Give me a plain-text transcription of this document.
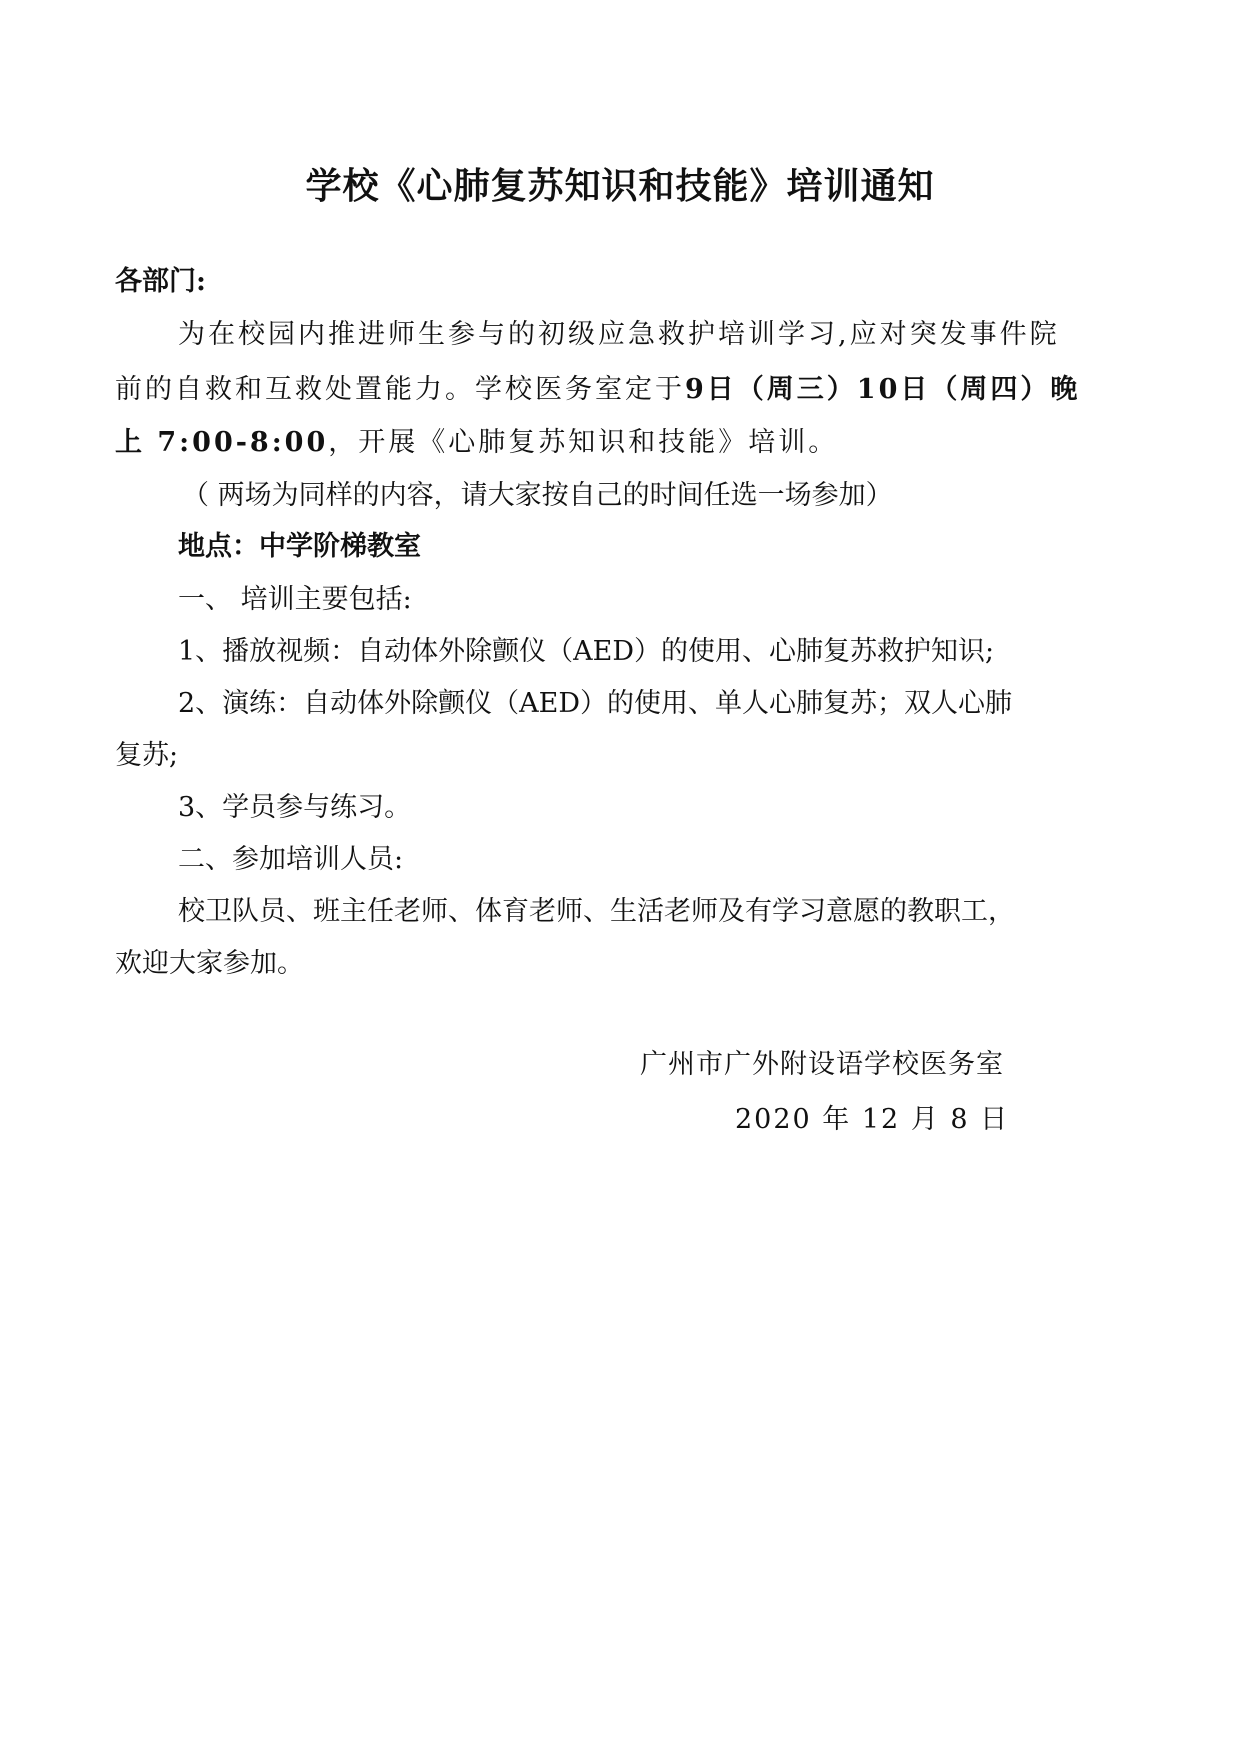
学校《心肺复苏知识和技能》培训通知

各部门:

为在校园内推进师生参与的初级应急救护培训学习,应对突发事件院

前的自救和互救处置能力。学校医务室定于9日（周三）10日（周四）晚

上 7:00-8:00，开展《心肺复苏知识和技能》培训。

（ 两场为同样的内容，请大家按自己的时间任选一场参加）

地点：中学阶梯教室

一、 培训主要包括:

1、播放视频：自动体外除颤仪（AED）的使用、心肺复苏救护知识;

2、演练：自动体外除颤仪（AED）的使用、单人心肺复苏；双人心肺

复苏;

3、学员参与练习。

二、参加培训人员:

校卫队员、班主任老师、体育老师、生活老师及有学习意愿的教职工，

欢迎大家参加。

广州市广外附设语学校医务室

2020 年 12 月 8 日
